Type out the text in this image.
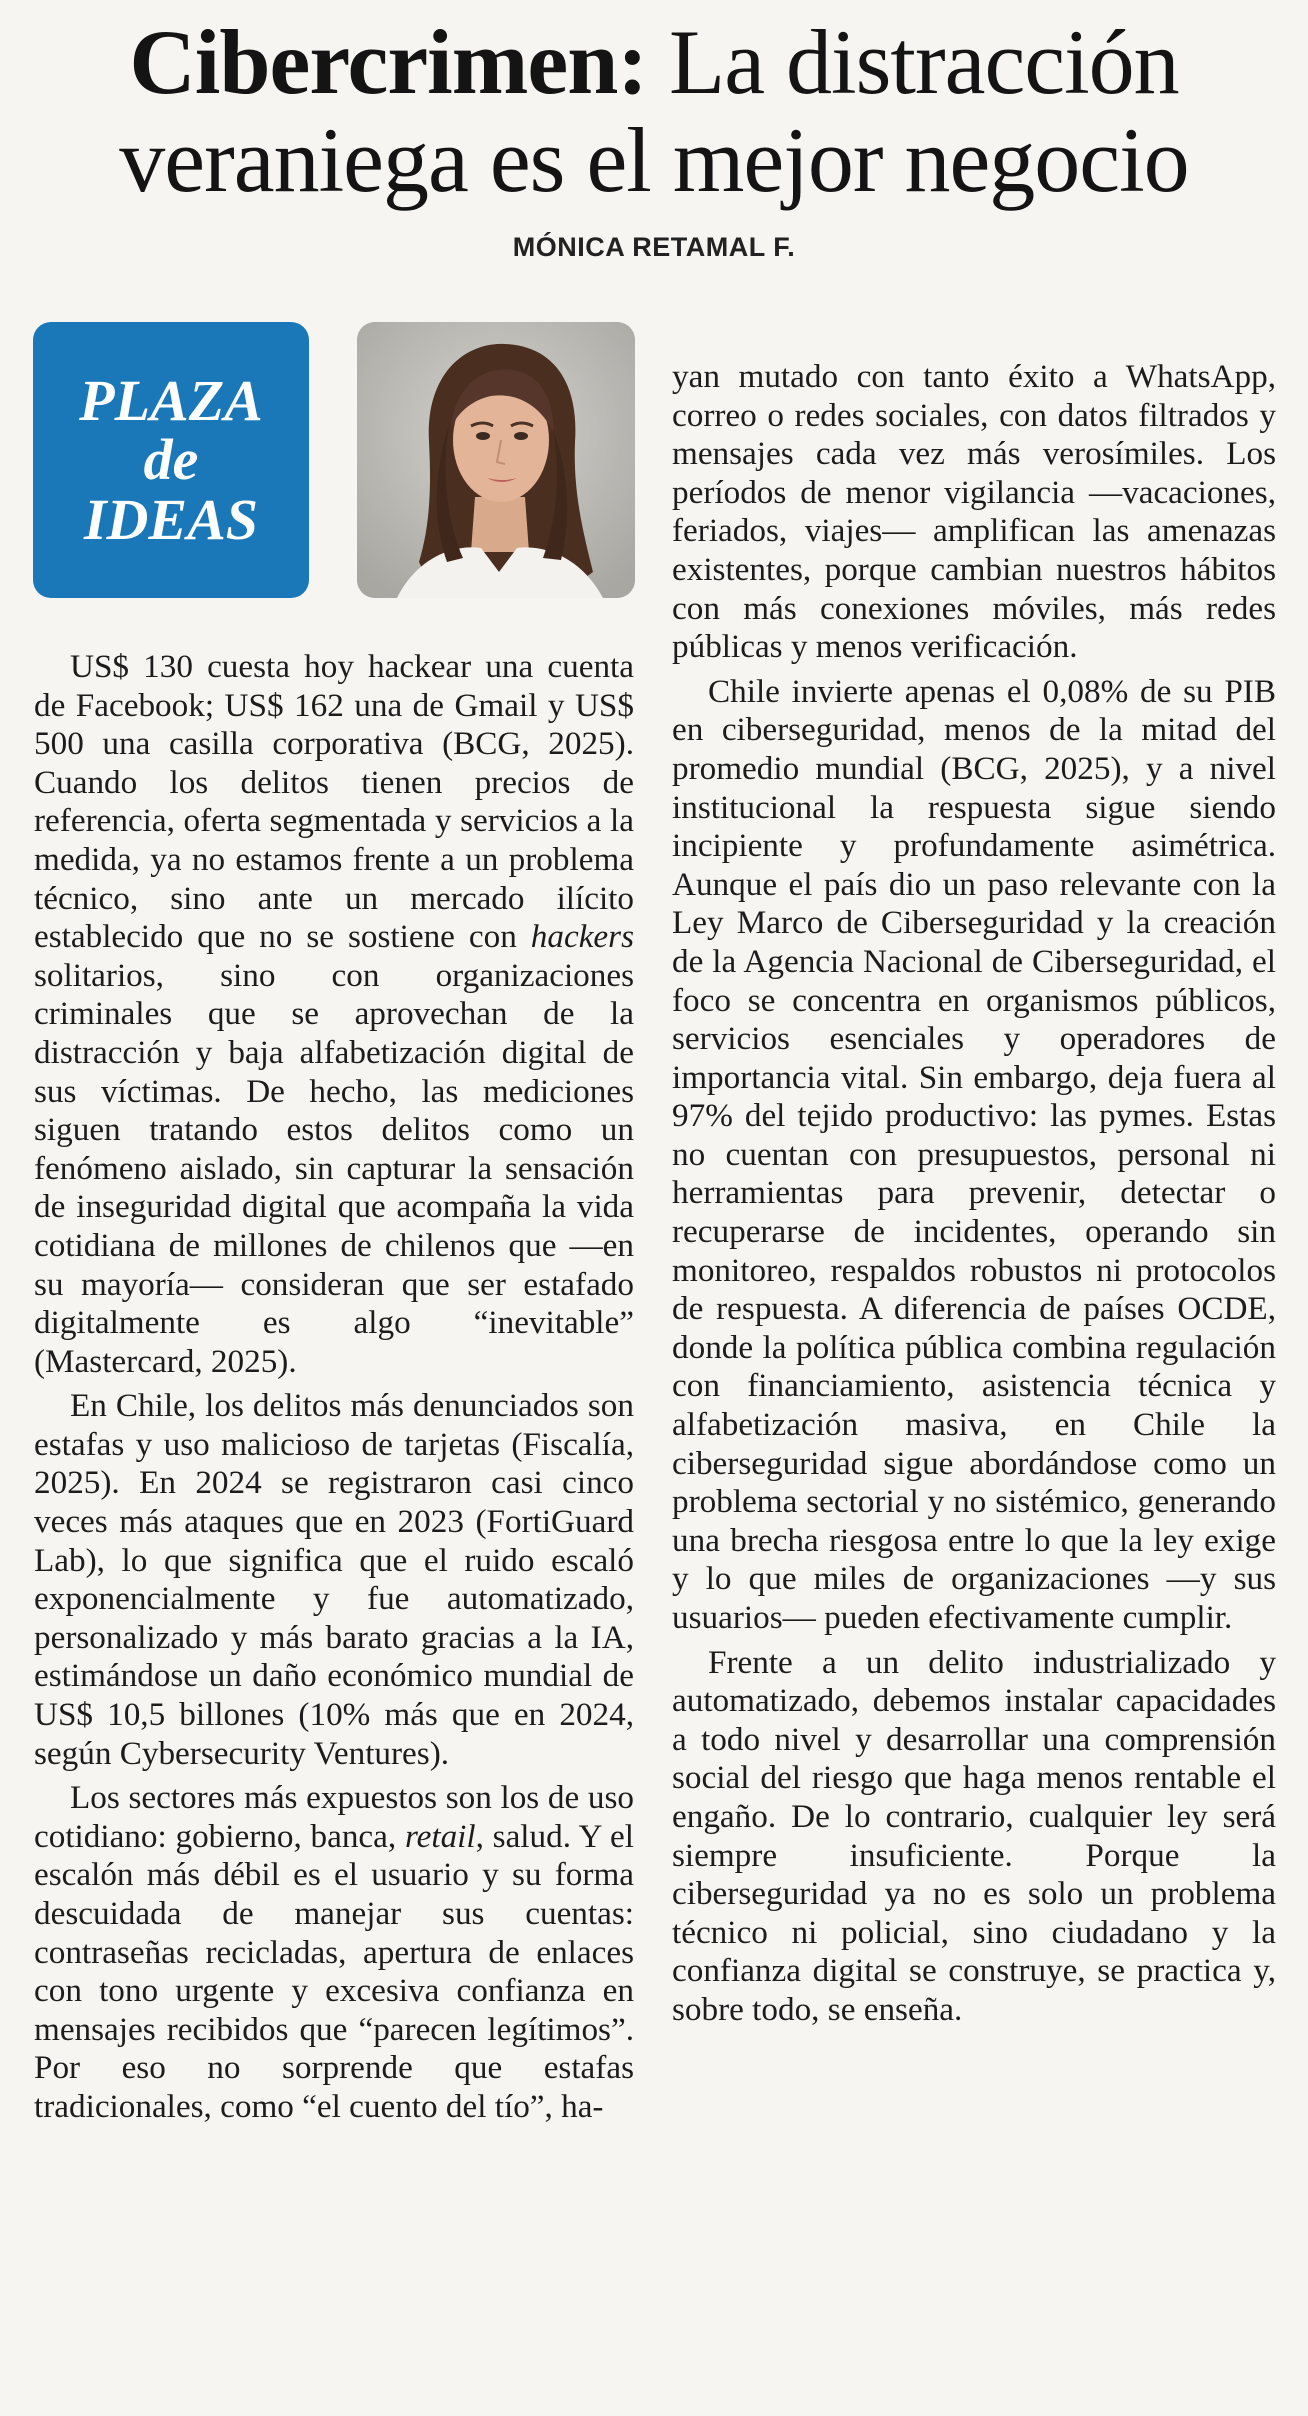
Cibercrimen: La distracción
veraniega es el mejor negocio
MÓNICA RETAMAL F.
PLAZA
de
IDEAS

US$ 130 cuesta hoy hackear una cuenta de Facebook; US$ 162 una de Gmail y US$ 500 una casilla corporativa (BCG, 2025). Cuando los delitos tienen precios de referencia, oferta segmentada y servicios a la medida, ya no estamos frente a un problema técnico, sino ante un mercado ilícito establecido que no se sostiene con hackers solitarios, sino con organizaciones criminales que se aprovechan de la distracción y baja alfabetización digital de sus víctimas. De hecho, las mediciones siguen tratando estos delitos como un fenómeno aislado, sin capturar la sensación de inseguridad digital que acompaña la vida cotidiana de millones de chilenos que —en su mayoría— consideran que ser estafado digitalmente es algo “inevitable” (Mastercard, 2025).

En Chile, los delitos más denunciados son estafas y uso malicioso de tarjetas (Fiscalía, 2025). En 2024 se registraron casi cinco veces más ataques que en 2023 (FortiGuard Lab), lo que significa que el ruido escaló exponencialmente y fue automatizado, personalizado y más barato gracias a la IA, estimándose un daño económico mundial de US$ 10,5 billones (10% más que en 2024, según Cybersecurity Ventures).

Los sectores más expuestos son los de uso cotidiano: gobierno, banca, retail, salud. Y el escalón más débil es el usuario y su forma descuidada de manejar sus cuentas: contraseñas recicladas, apertura de enlaces con tono urgente y excesiva confianza en mensajes recibidos que “parecen legítimos”. Por eso no sorprende que estafas tradicionales, como “el cuento del tío”, ha-

yan mutado con tanto éxito a WhatsApp, correo o redes sociales, con datos filtrados y mensajes cada vez más verosímiles. Los períodos de menor vigilancia —vacaciones, feriados, viajes— amplifican las amenazas existentes, porque cambian nuestros hábitos con más conexiones móviles, más redes públicas y menos verificación.

Chile invierte apenas el 0,08% de su PIB en ciberseguridad, menos de la mitad del promedio mundial (BCG, 2025), y a nivel institucional la respuesta sigue siendo incipiente y profundamente asimétrica. Aunque el país dio un paso relevante con la Ley Marco de Ciberseguridad y la creación de la Agencia Nacional de Ciberseguridad, el foco se concentra en organismos públicos, servicios esenciales y operadores de importancia vital. Sin embargo, deja fuera al 97% del tejido productivo: las pymes. Estas no cuentan con presupuestos, personal ni herramientas para prevenir, detectar o recuperarse de incidentes, operando sin monitoreo, respaldos robustos ni protocolos de respuesta. A diferencia de países OCDE, donde la política pública combina regulación con financiamiento, asistencia técnica y alfabetización masiva, en Chile la ciberseguridad sigue abordándose como un problema sectorial y no sistémico, generando una brecha riesgosa entre lo que la ley exige y lo que miles de organizaciones —y sus usuarios— pueden efectivamente cumplir.

Frente a un delito industrializado y automatizado, debemos instalar capacidades a todo nivel y desarrollar una comprensión social del riesgo que haga menos rentable el engaño. De lo contrario, cualquier ley será siempre insuficiente. Porque la ciberseguridad ya no es solo un problema técnico ni policial, sino ciudadano y la confianza digital se construye, se practica y, sobre todo, se enseña.
